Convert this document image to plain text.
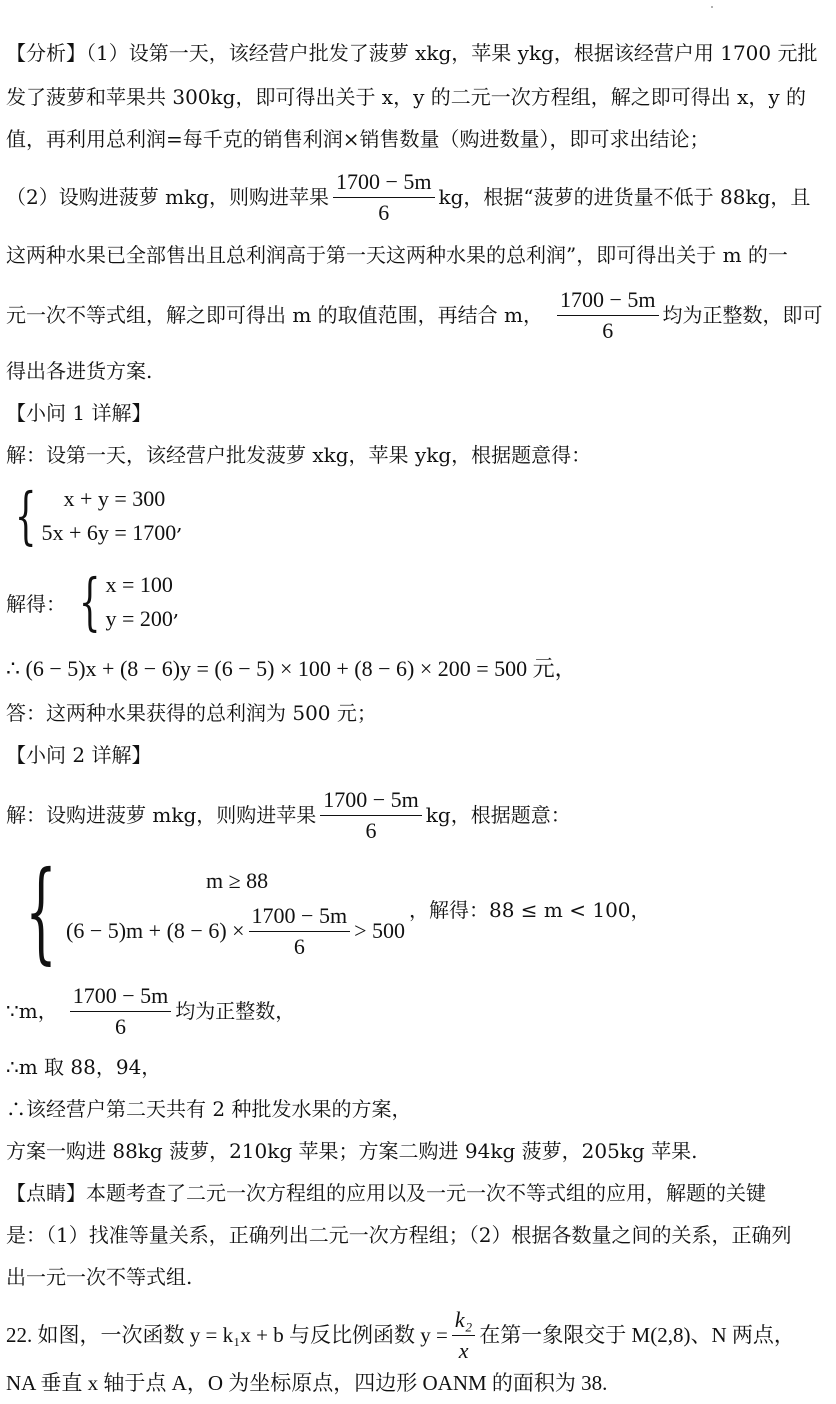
【分析】（1）设第一天，该经营户批发了菠萝 xkg，苹果 ykg，根据该经营户用 1700 元批
发了菠萝和苹果共 300kg，即可得出关于 x，y 的二元一次方程组，解之即可得出 x，y 的
值，再利用总利润=每千克的销售利润×销售数量（购进数量），即可求出结论；
（2）设购进菠萝 mkg，则购进苹果 $\frac{1700 - 5m}{6}$ kg，根据“菠萝的进货量不低于 88kg，且
这两种水果已全部售出且总利润高于第一天这两种水果的总利润”，即可得出关于 m 的一
元一次不等式组，解之即可得出 m 的取值范围，再结合 m， $\frac{1700 - 5m}{6}$ 均为正整数，即可
得出各进货方案.
【小问 1 详解】
解：设第一天，该经营户批发菠萝 xkg，苹果 ykg，根据题意得：
{	x + y = 300
5x + 6y = 1700 ,
解得： { x = 100
y = 200 ,
∴ (6 − 5)x + (8 − 6)y = (6 − 5) × 100 + (8 − 6) × 200 = 500 元，
答：这两种水果获得的总利润为 500 元；
【小问 2 详解】
解：设购进菠萝 mkg，则购进苹果 $\frac{1700 - 5m}{6}$ kg，根据题意：
{	m ≥ 88
$(6 - 5)m + (8 - 6) \times \frac{1700 - 5m}{6} > 500$
，解得：88 ≤ m < 100，
∵m， $\frac{1700 - 5m}{6}$ 均为正整数，
∴m 取 88，94，
∴该经营户第二天共有 2 种批发水果的方案，
方案一购进 88kg 菠萝，210kg 苹果；方案二购进 94kg 菠萝，205kg 苹果.
【点睛】本题考查了二元一次方程组的应用以及一元一次不等式组的应用，解题的关键
是：（1）找准等量关系，正确列出二元一次方程组；（2）根据各数量之间的关系，正确列
出一元一次不等式组.
22. 如图，一次函数 y = k₁x + b 与反比例函数 $y = \frac{\text{k₂}}{x}$ 在第一象限交于 M(2,8)、N 两点，
NA 垂直 x 轴于点 A，O 为坐标原点，四边形 OANM 的面积为 38.
